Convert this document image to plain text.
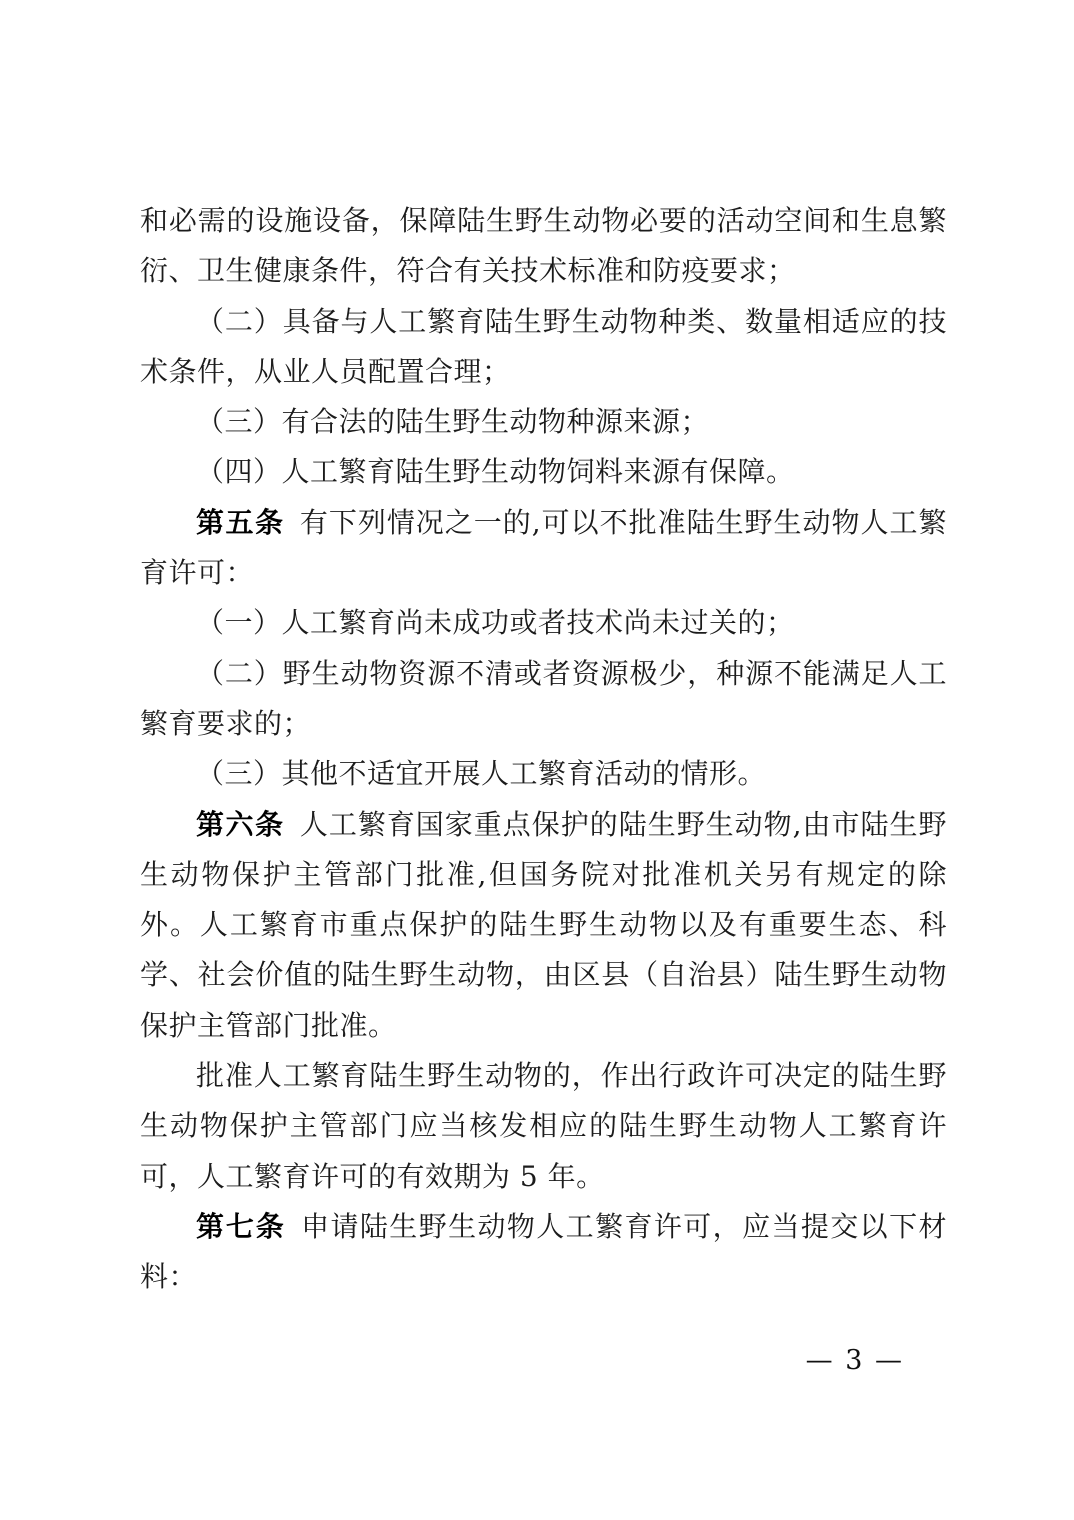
和必需的设施设备，保障陆生野生动物必要的活动空间和生息繁衍、卫生健康条件，符合有关技术标准和防疫要求；

（二）具备与人工繁育陆生野生动物种类、数量相适应的技术条件，从业人员配置合理；

（三）有合法的陆生野生动物种源来源；

（四）人工繁育陆生野生动物饲料来源有保障。

第五条 有下列情况之一的,可以不批准陆生野生动物人工繁育许可：

（一）人工繁育尚未成功或者技术尚未过关的；

（二）野生动物资源不清或者资源极少，种源不能满足人工繁育要求的；

（三）其他不适宜开展人工繁育活动的情形。

第六条 人工繁育国家重点保护的陆生野生动物,由市陆生野生动物保护主管部门批准,但国务院对批准机关另有规定的除外。人工繁育市重点保护的陆生野生动物以及有重要生态、科学、社会价值的陆生野生动物，由区县（自治县）陆生野生动物保护主管部门批准。

批准人工繁育陆生野生动物的，作出行政许可决定的陆生野生动物保护主管部门应当核发相应的陆生野生动物人工繁育许可，人工繁育许可的有效期为 5 年。

第七条 申请陆生野生动物人工繁育许可，应当提交以下材料：

— 3 —
